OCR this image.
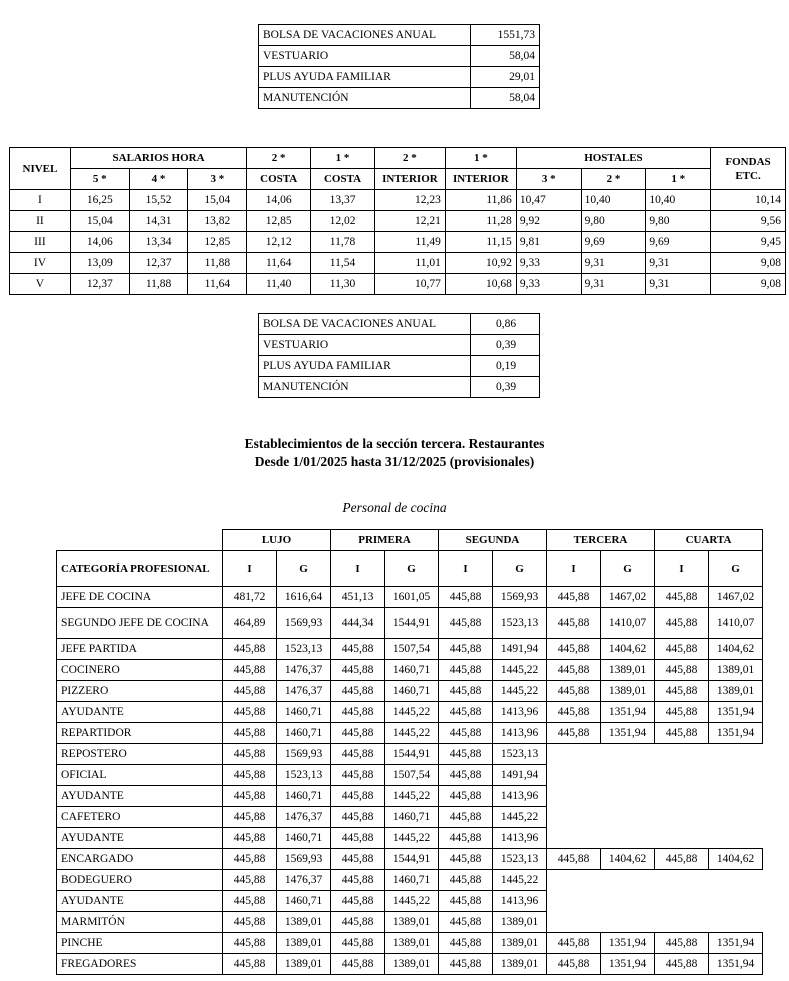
BOLSA DE VACACIONES ANUAL	1551,73
VESTUARIO	58,04
PLUS AYUDA FAMILIAR	29,01
MANUTENCIÓN	58,04
NIVEL	SALARIOS HORA			2 *	1 *	2 *	1 *	HOSTALES			FONDAS ETC.
	5 *	4 *	3 *	COSTA	COSTA	INTERIOR	INTERIOR	3 *	2 *	1 *	
I	16,25	15,52	15,04	14,06	13,37	12,23	11,86	10,47	10,40	10,40	10,14
II	15,04	14,31	13,82	12,85	12,02	12,21	11,28	9,92	9,80	9,80	9,56
III	14,06	13,34	12,85	12,12	11,78	11,49	11,15	9,81	9,69	9,69	9,45
IV	13,09	12,37	11,88	11,64	11,54	11,01	10,92	9,33	9,31	9,31	9,08
V	12,37	11,88	11,64	11,40	11,30	10,77	10,68	9,33	9,31	9,31	9,08
BOLSA DE VACACIONES ANUAL	0,86
VESTUARIO	0,39
PLUS AYUDA FAMILIAR	0,19
MANUTENCIÓN	0,39
Establecimientos de la sección tercera. Restaurantes
Desde 1/01/2025 hasta 31/12/2025 (provisionales)
Personal de cocina
	LUJO		PRIMERA		SEGUNDA		TERCERA		CUARTA	
CATEGORÍA PROFESIONAL	I	G	I	G	I	G	I	G	I	G
JEFE DE COCINA	481,72	1616,64	451,13	1601,05	445,88	1569,93	445,88	1467,02	445,88	1467,02
SEGUNDO JEFE DE COCINA	464,89	1569,93	444,34	1544,91	445,88	1523,13	445,88	1410,07	445,88	1410,07
JEFE PARTIDA	445,88	1523,13	445,88	1507,54	445,88	1491,94	445,88	1404,62	445,88	1404,62
COCINERO	445,88	1476,37	445,88	1460,71	445,88	1445,22	445,88	1389,01	445,88	1389,01
PIZZERO	445,88	1476,37	445,88	1460,71	445,88	1445,22	445,88	1389,01	445,88	1389,01
AYUDANTE	445,88	1460,71	445,88	1445,22	445,88	1413,96	445,88	1351,94	445,88	1351,94
REPARTIDOR	445,88	1460,71	445,88	1445,22	445,88	1413,96	445,88	1351,94	445,88	1351,94
REPOSTERO	445,88	1569,93	445,88	1544,91	445,88	1523,13				
OFICIAL	445,88	1523,13	445,88	1507,54	445,88	1491,94				
AYUDANTE	445,88	1460,71	445,88	1445,22	445,88	1413,96				
CAFETERO	445,88	1476,37	445,88	1460,71	445,88	1445,22				
AYUDANTE	445,88	1460,71	445,88	1445,22	445,88	1413,96				
ENCARGADO	445,88	1569,93	445,88	1544,91	445,88	1523,13	445,88	1404,62	445,88	1404,62
BODEGUERO	445,88	1476,37	445,88	1460,71	445,88	1445,22				
AYUDANTE	445,88	1460,71	445,88	1445,22	445,88	1413,96				
MARMITÓN	445,88	1389,01	445,88	1389,01	445,88	1389,01				
PINCHE	445,88	1389,01	445,88	1389,01	445,88	1389,01	445,88	1351,94	445,88	1351,94
FREGADORES	445,88	1389,01	445,88	1389,01	445,88	1389,01	445,88	1351,94	445,88	1351,94
